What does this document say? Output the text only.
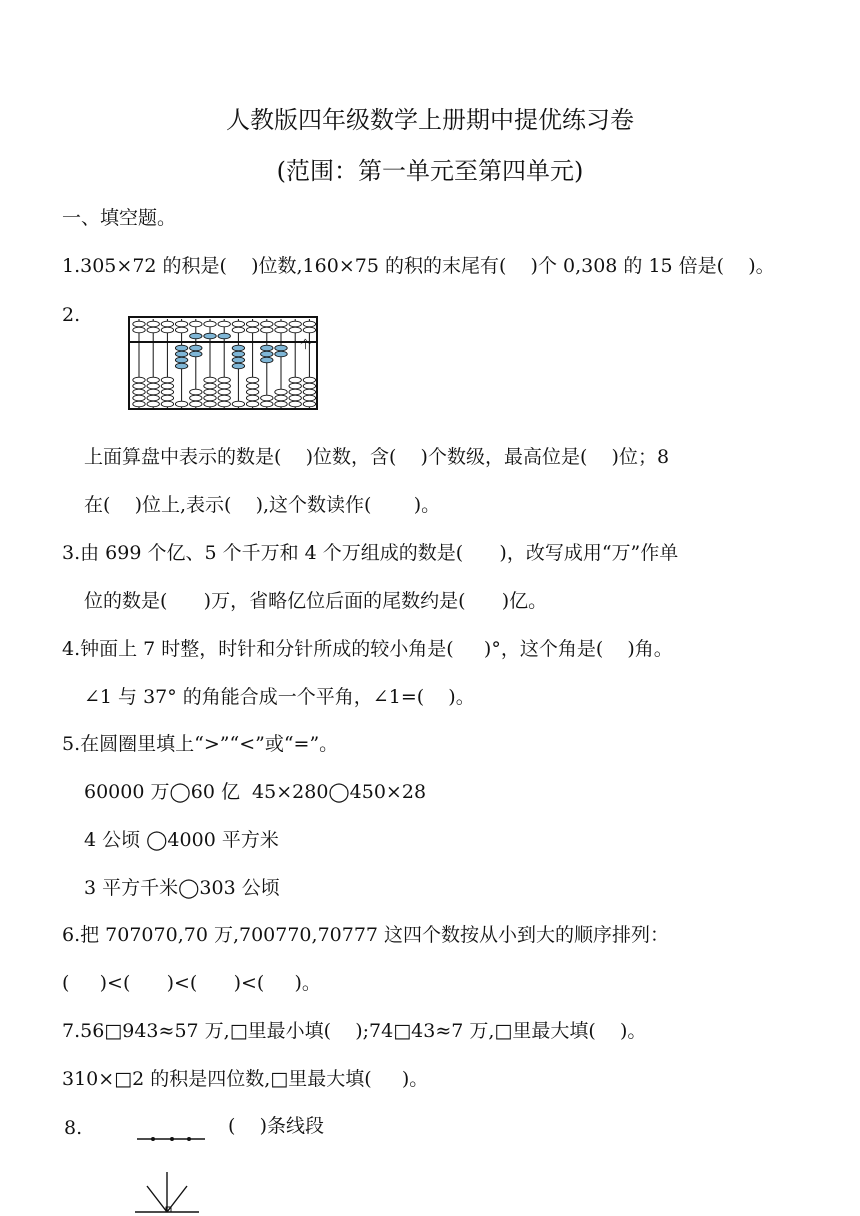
人教版四年级数学上册期中提优练习卷
(范围：第一单元至第四单元)
一、填空题。
1.305×72 的积是(    )位数,160×75 的积的末尾有(    )个 0,308 的 15 倍是(    )。
2.
个
上面算盘中表示的数是(    )位数，含(    )个数级，最高位是(    )位；8
在(    )位上,表示(    ),这个数读作(       )。
3.由 699 个亿、5 个千万和 4 个万组成的数是(      )，改写成用“万”作单
位的数是(      )万，省略亿位后面的尾数约是(      )亿。
4.钟面上 7 时整，时针和分针所成的较小角是(     )°，这个角是(    )角。
∠1 与 37° 的角能合成一个平角，∠1=(    )。
5.在圆圈里填上“>”“<”或“=”。
60000 万◯60 亿  45×280◯450×28
4 公顷 ◯4000 平方米
3 平方千米◯303 公顷
6.把 707070,70 万,700770,70777 这四个数按从小到大的顺序排列：
(     )<(      )<(      )<(     )。
7.56□943≈57 万,□里最小填(    );74□43≈7 万,□里最大填(    )。
310×□2 的积是四位数,□里最大填(     )。
8.	(    )条线段
